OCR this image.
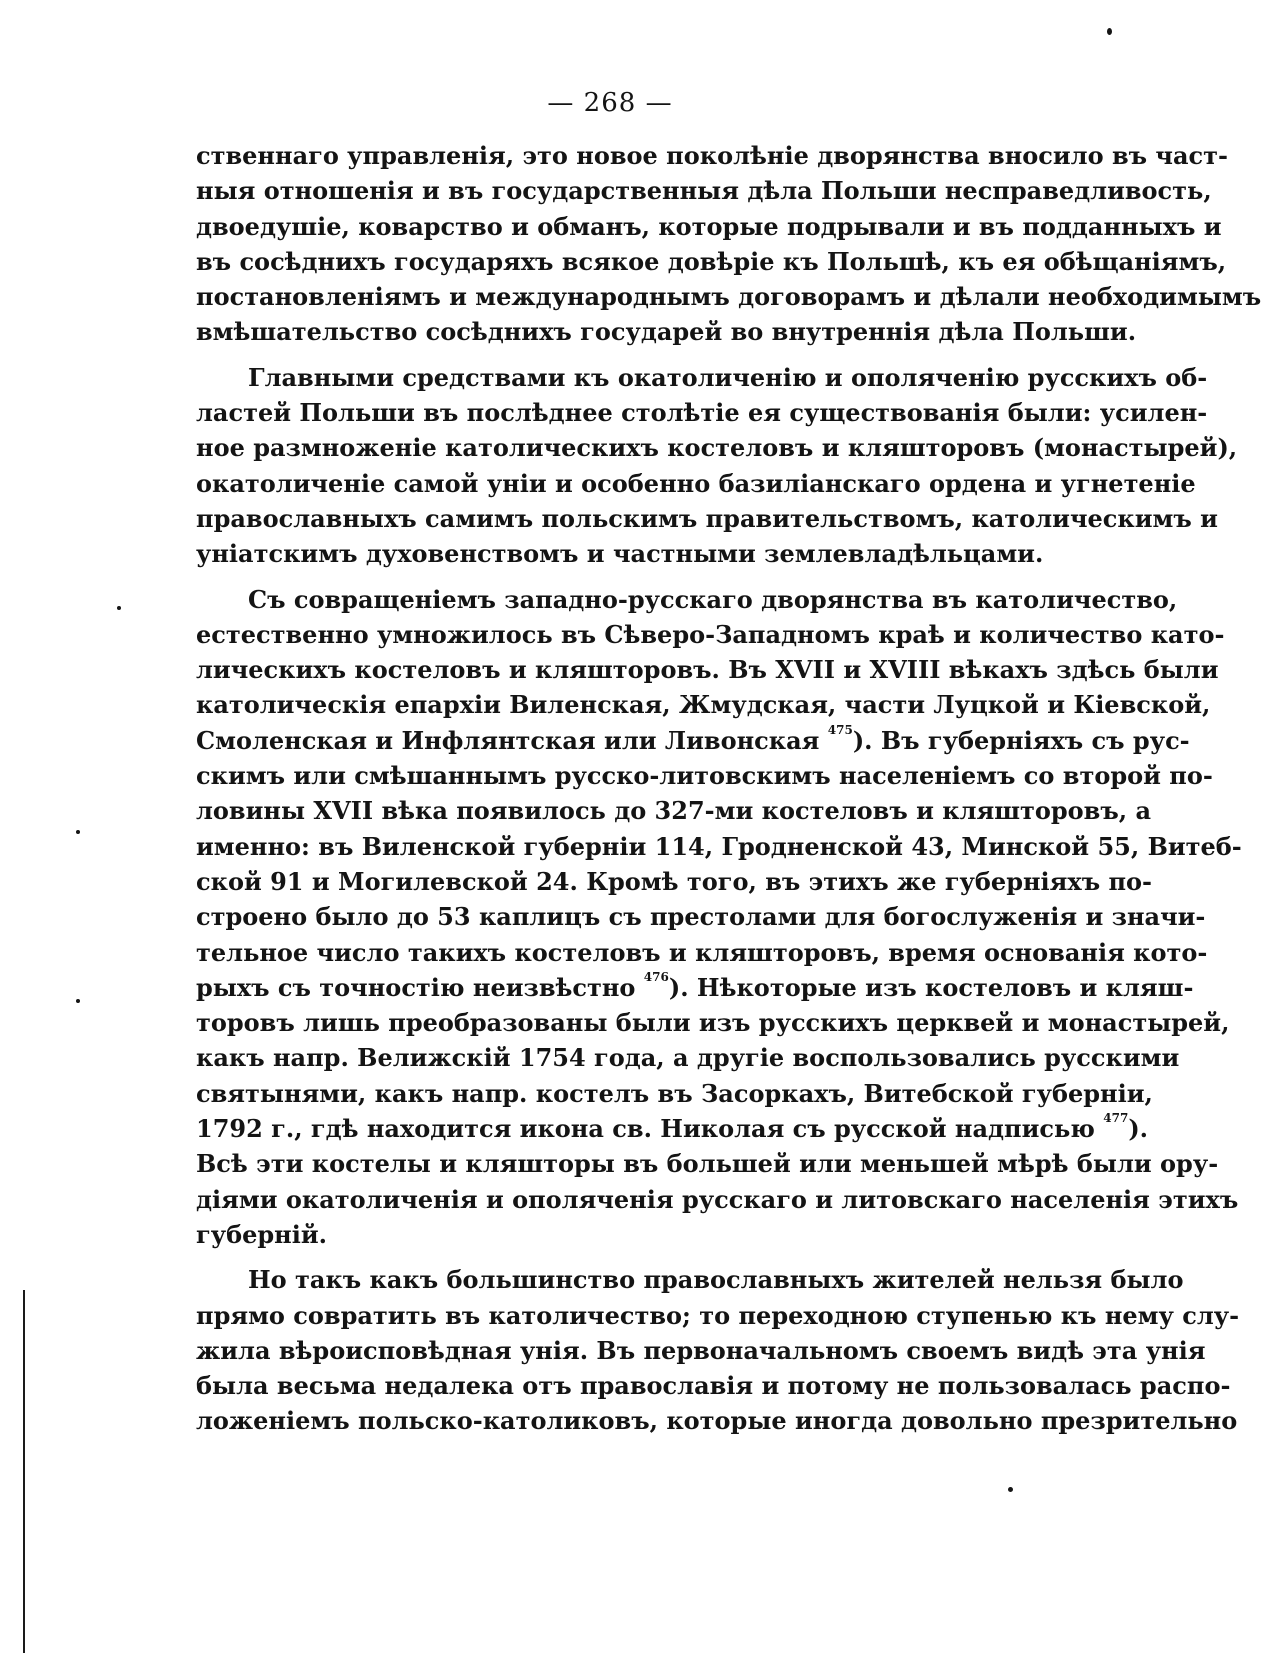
— 268 —
ственнаго управленія, это новое поколѣніе дворянства вносило въ част-
ныя отношенія и въ государственныя дѣла Польши несправедливость,
двоедушіе, коварство и обманъ, которые подрывали и въ подданныхъ и
въ сосѣднихъ государяхъ всякое довѣріе къ Польшѣ, къ ея обѣщаніямъ,
постановленіямъ и международнымъ договорамъ и дѣлали необходимымъ
вмѣшательство сосѣднихъ государей во внутреннія дѣла Польши.
Главными средствами къ окатоличенію и ополяченію русскихъ об-
ластей Польши въ послѣднее столѣтіе ея существованія были: усилен-
ное размноженіе католическихъ костеловъ и кляшторовъ (монастырей),
окатоличеніе самой уніи и особенно базиліанскаго ордена и угнетеніе
православныхъ самимъ польскимъ правительствомъ, католическимъ и
уніатскимъ духовенствомъ и частными землевладѣльцами.
Съ совращеніемъ западно-русскаго дворянства въ католичество,
естественно умножилось въ Сѣверо-Западномъ краѣ и количество като-
лическихъ костеловъ и кляшторовъ. Въ XVII и XVIII вѣкахъ здѣсь были
католическія епархіи Виленская, Жмудская, части Луцкой и Кіевской,
Смоленская и Инфлянтская или Ливонская $^{475}$). Въ губерніяхъ съ рус-
скимъ или смѣшаннымъ русско-литовскимъ населеніемъ со второй по-
ловины XVII вѣка появилось до 327-ми костеловъ и кляшторовъ, а
именно: въ Виленской губерніи 114, Гродненской 43, Минской 55, Витеб-
ской 91 и Могилевской 24. Кромѣ того, въ этихъ же губерніяхъ по-
строено было до 53 каплицъ съ престолами для богослуженія и значи-
тельное число такихъ костеловъ и кляшторовъ, время основанія кото-
рыхъ съ точностію неизвѣстно $^{476}$). Нѣкоторые изъ костеловъ и кляш-
торовъ лишь преобразованы были изъ русскихъ церквей и монастырей,
какъ напр. Велижскій 1754 года, а другіе воспользовались русскими
святынями, какъ напр. костелъ въ Засоркахъ, Витебской губерніи,
1792 г., гдѣ находится икона св. Николая съ русской надписью $^{477}$).
Всѣ эти костелы и кляшторы въ большей или меньшей мѣрѣ были ору-
діями окатоличенія и ополяченія русскаго и литовскаго населенія этихъ
губерній.
Но такъ какъ большинство православныхъ жителей нельзя было
прямо совратить въ католичество; то переходною ступенью къ нему слу-
жила вѣроисповѣдная унія. Въ первоначальномъ своемъ видѣ эта унія
была весьма недалека отъ православія и потому не пользовалась распо-
ложеніемъ польско-католиковъ, которые иногда довольно презрительно
